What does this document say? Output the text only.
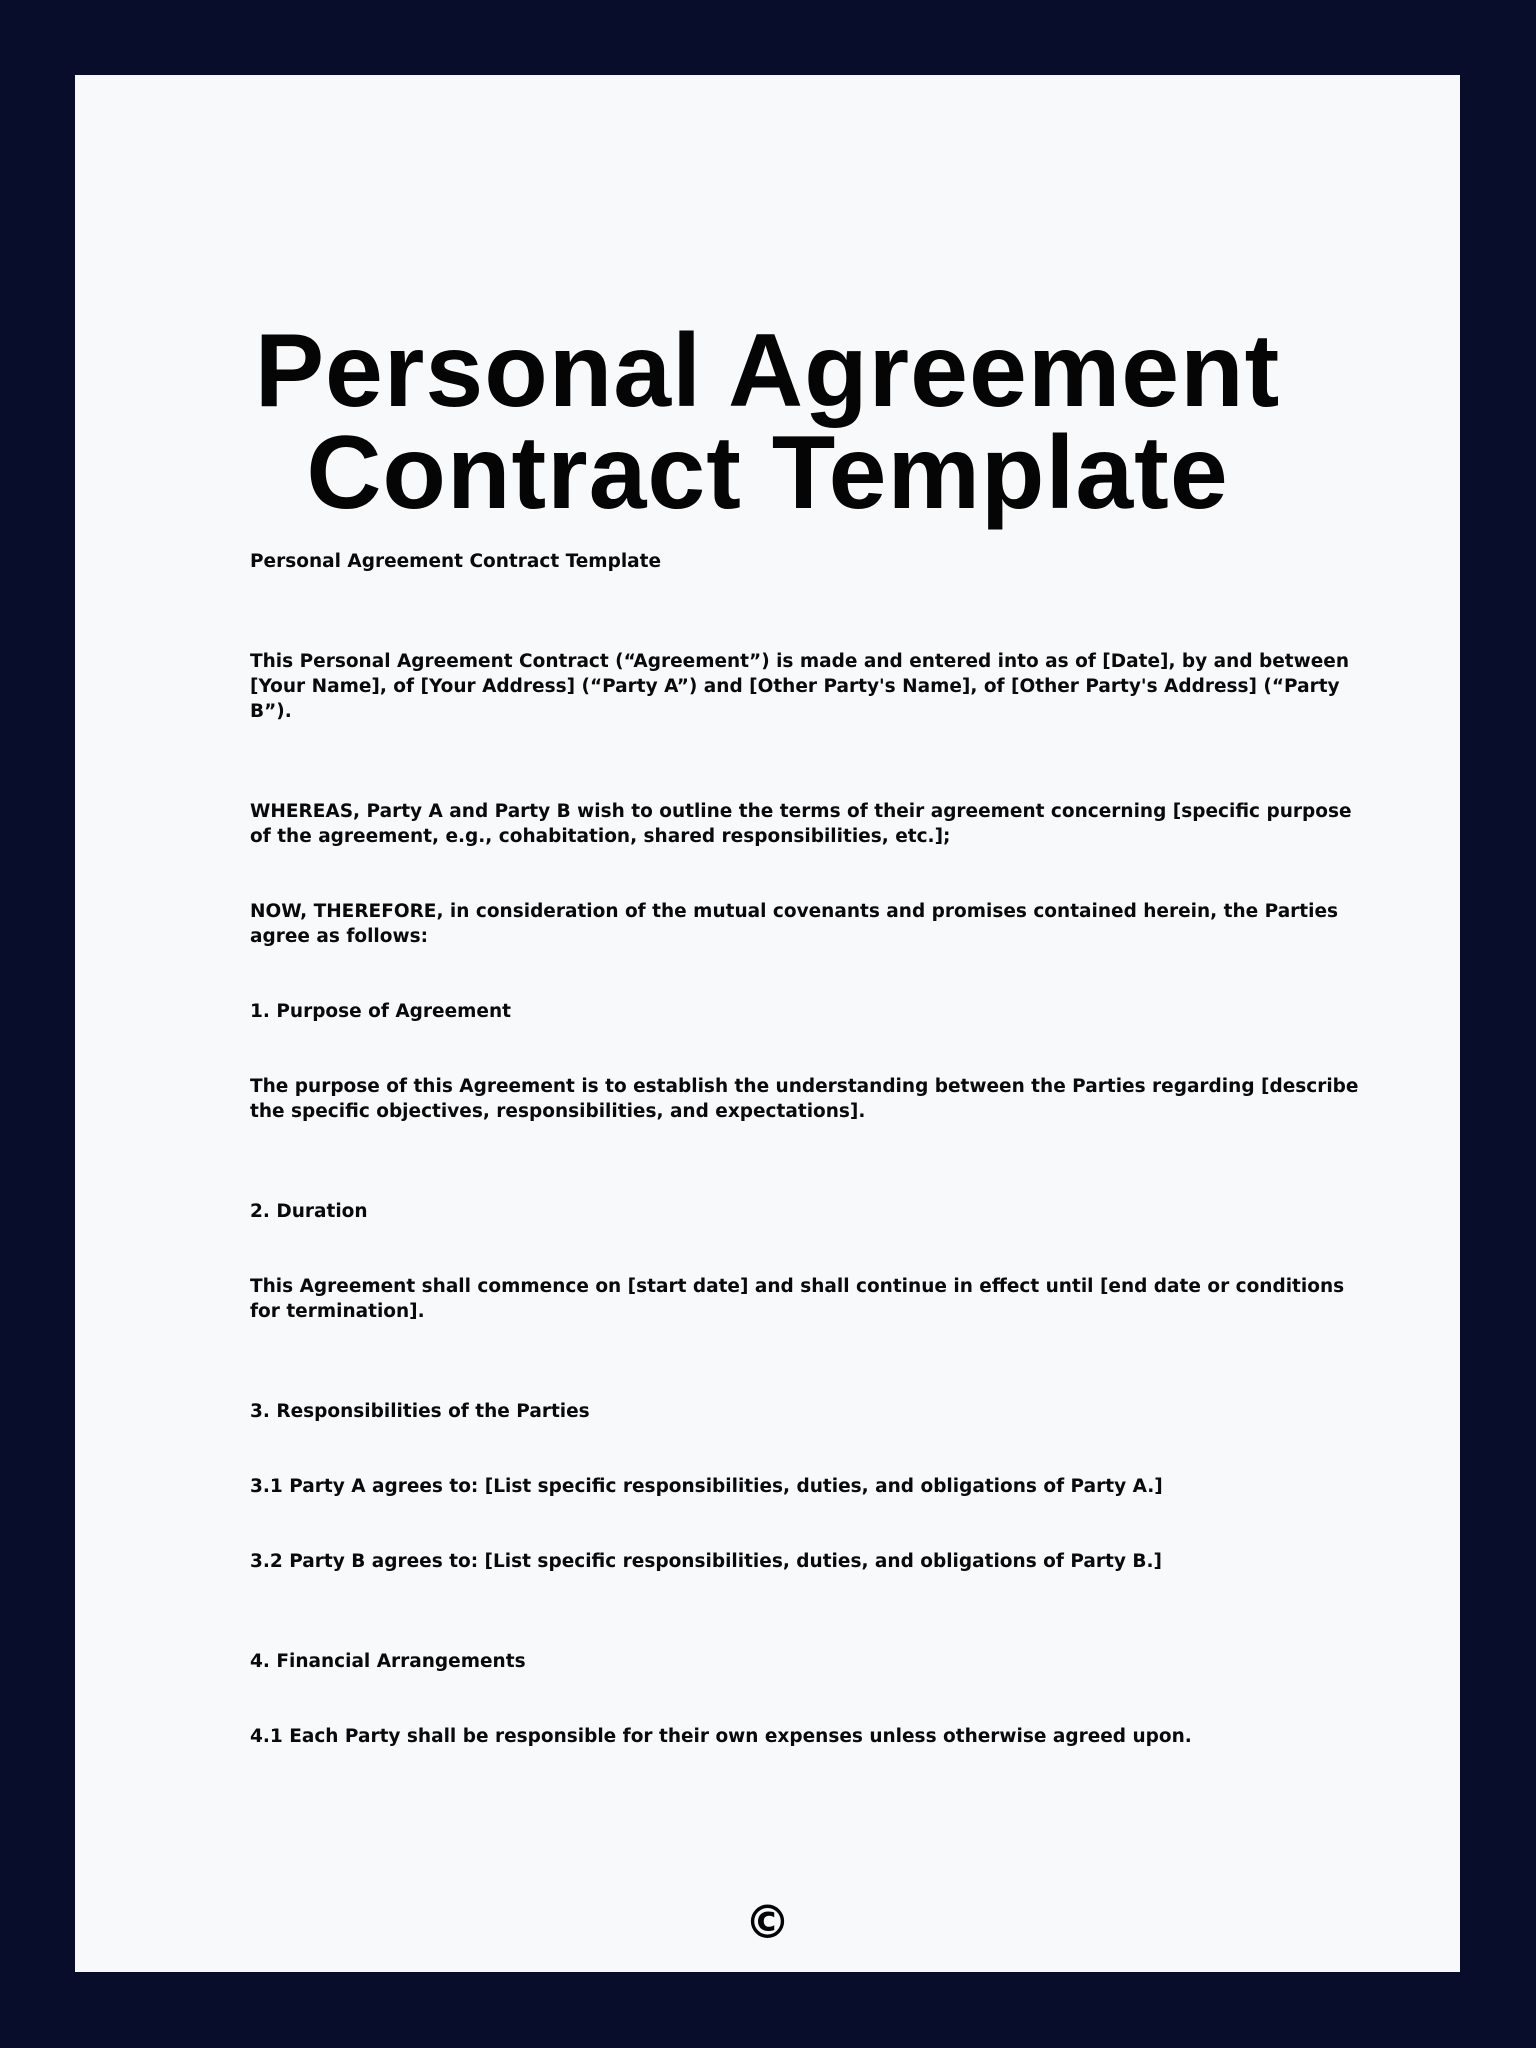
Personal Agreement
Contract Template

Personal Agreement Contract Template

This Personal Agreement Contract (“Agreement”) is made and entered into as of [Date], by and between [Your Name], of [Your Address] (“Party A”) and [Other Party's Name], of [Other Party's Address] (“Party B”).

WHEREAS, Party A and Party B wish to outline the terms of their agreement concerning [specific purpose of the agreement, e.g., cohabitation, shared responsibilities, etc.];

NOW, THEREFORE, in consideration of the mutual covenants and promises contained herein, the Parties agree as follows:

1. Purpose of Agreement

The purpose of this Agreement is to establish the understanding between the Parties regarding [describe the specific objectives, responsibilities, and expectations].

2. Duration

This Agreement shall commence on [start date] and shall continue in effect until [end date or conditions for termination].

3. Responsibilities of the Parties

3.1 Party A agrees to: [List specific responsibilities, duties, and obligations of Party A.]

3.2 Party B agrees to: [List specific responsibilities, duties, and obligations of Party B.]

4. Financial Arrangements

4.1 Each Party shall be responsible for their own expenses unless otherwise agreed upon.

©
